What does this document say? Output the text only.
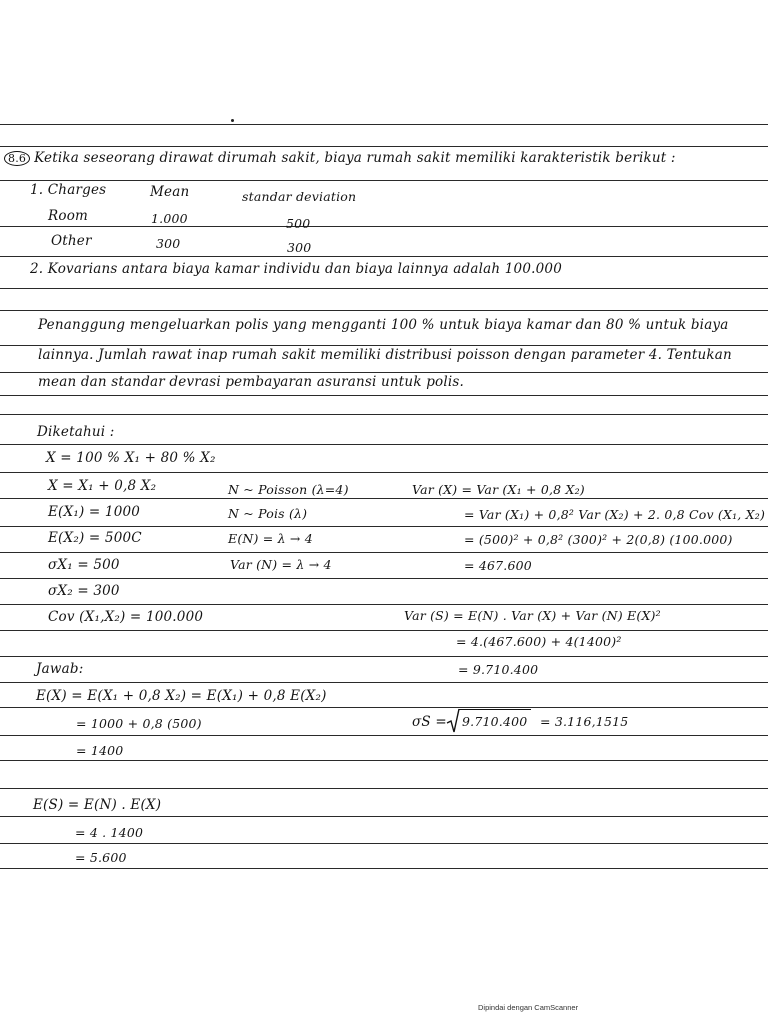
8.6 Ketika seseorang dirawat dirumah sakit, biaya rumah sakit memiliki karakteristik berikut :
1. Charges	Mean	standar deviation
Room	1.000	500
Other	300	300
2. Kovarians antara biaya kamar individu dan biaya lainnya adalah 100.000
Penanggung mengeluarkan polis yang mengganti 100 % untuk biaya kamar dan 80 % untuk biaya
lainnya. Jumlah rawat inap rumah sakit memiliki distribusi poisson dengan parameter 4. Tentukan
mean dan standar devrasi pembayaran asuransi untuk polis.
Diketahui :
X = 100 % X₁ + 80 % X₂
X = X₁ + 0,8 X₂
E(X₁) = 1000
E(X₂) = 500C
σX₁ = 500
σX₂ = 300
Cov (X₁,X₂) = 100.000
N ~ Poisson (λ=4)
N ~ Pois (λ)
E(N) = λ → 4
Var (N) = λ → 4
Var (X) = Var (X₁ + 0,8 X₂)
= Var (X₁) + 0,8² Var (X₂) + 2. 0,8 Cov (X₁, X₂)
= (500)² + 0,8² (300)² + 2(0,8) (100.000)
= 467.600
Var (S) = E(N) . Var (X) + Var (N) E(X)²
= 4.(467.600) + 4(1400)²
= 9.710.400
σS = 9.710.400 = 3.116,1515
Jawab:
E(X) = E(X₁ + 0,8 X₂) = E(X₁) + 0,8 E(X₂)
= 1000 + 0,8 (500)
= 1400
E(S) = E(N) . E(X)
= 4 . 1400
= 5.600
Dipindai dengan CamScanner
